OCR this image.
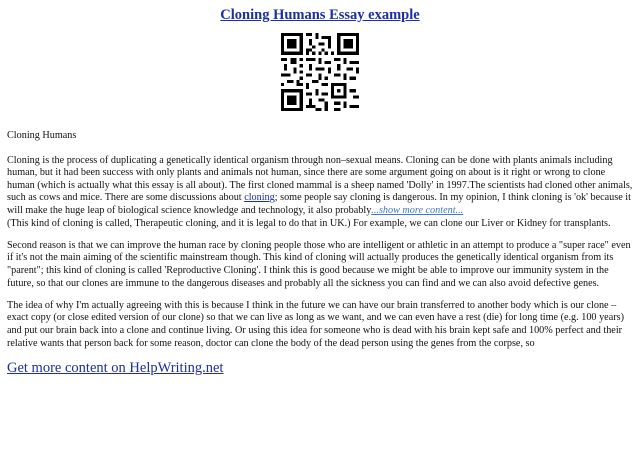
Cloning Humans Essay example

Cloning Humans

Cloning is the process of duplicating a genetically identical organism through non–sexual means. Cloning can be done with plants animals including human, but it had been success with only plants and animals not human, since there are some argument going on about is it right or wrong to clone human (which is actually what this essay is all about). The first cloned mammal is a sheep named 'Dolly' in 1997.The scientists had cloned other animals, such as cows and mice. There are some discussions about cloning; some people say cloning is dangerous. In my opinion, I think cloning is 'ok' because it will make the huge leap of biological science knowledge and technology, it also probably...show more content...
(This kind of cloning is called, Therapeutic cloning, and it is legal to do that in UK.) For example, we can clone our Liver or Kidney for transplants.

Second reason is that we can improve the human race by cloning people those who are intelligent or athletic in an attempt to produce a "super race" even if it's not the main aiming of the scientific mainstream though. This kind of cloning will actually produces the genetically identical organism from its "parent"; this kind of cloning is called 'Reproductive Cloning'. I think this is good because we might be able to improve our immunity system in the future, so that our clones are immune to the dangerous diseases and probably all the sickness you can find and we can also avoid defective genes.

The idea of why I'm actually agreeing with this is because I think in the future we can have our brain transferred to another body which is our clone – exact copy (or close edited version of our clone) so that we can live as long as we want, and we can even have a rest (die) for long time (e.g. 100 years) and put our brain back into a clone and continue living. Or using this idea for someone who is dead with his brain kept safe and 100% perfect and their relative wants that person back for some reason, doctor can clone the body of the dead person using the genes from the corpse, so

Get more content on HelpWriting.net
